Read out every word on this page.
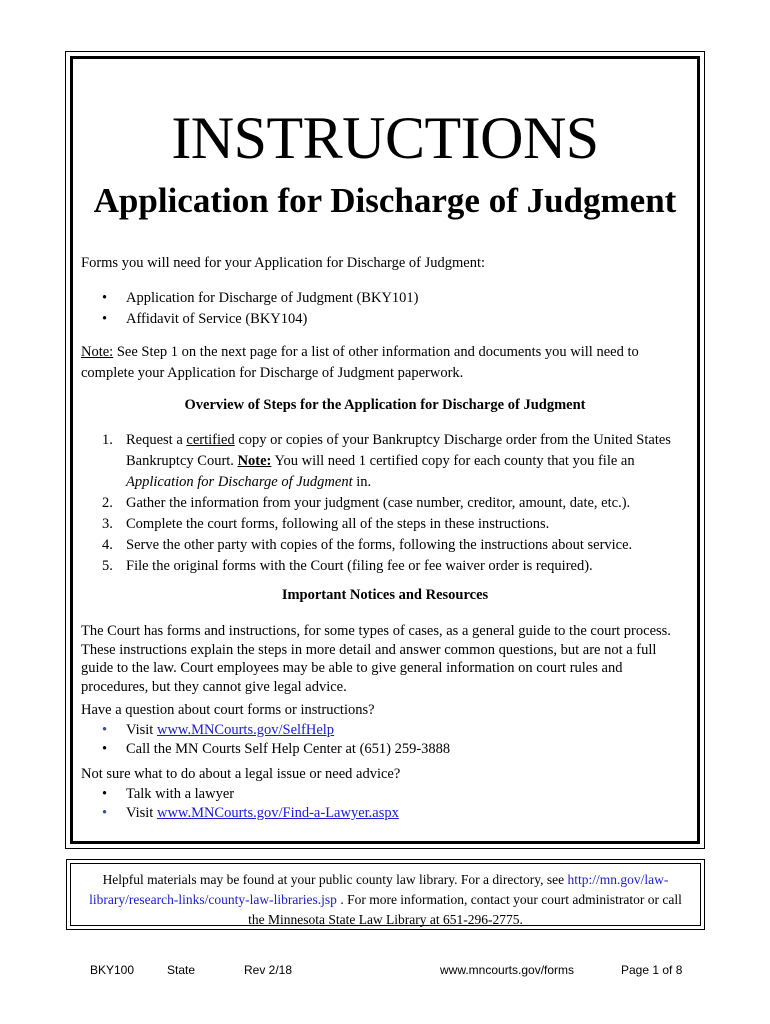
INSTRUCTIONS
Application for Discharge of Judgment
Forms you will need for your Application for Discharge of Judgment:
• Application for Discharge of Judgment (BKY101)
• Affidavit of Service (BKY104)
Note: See Step 1 on the next page for a list of other information and documents you will need to complete your Application for Discharge of Judgment paperwork.
Overview of Steps for the Application for Discharge of Judgment
1. Request a certified copy or copies of your Bankruptcy Discharge order from the United States Bankruptcy Court. Note: You will need 1 certified copy for each county that you file an Application for Discharge of Judgment in.
2. Gather the information from your judgment (case number, creditor, amount, date, etc.).
3. Complete the court forms, following all of the steps in these instructions.
4. Serve the other party with copies of the forms, following the instructions about service.
5. File the original forms with the Court (filing fee or fee waiver order is required).
Important Notices and Resources
The Court has forms and instructions, for some types of cases, as a general guide to the court process. These instructions explain the steps in more detail and answer common questions, but are not a full guide to the law. Court employees may be able to give general information on court rules and procedures, but they cannot give legal advice.
Have a question about court forms or instructions?
• Visit www.MNCourts.gov/SelfHelp
• Call the MN Courts Self Help Center at (651) 259-3888
Not sure what to do about a legal issue or need advice?
• Talk with a lawyer
• Visit www.MNCourts.gov/Find-a-Lawyer.aspx
Helpful materials may be found at your public county law library. For a directory, see http://mn.gov/law-
library/research-links/county-law-libraries.jsp . For more information, contact your court administrator or call
the Minnesota State Law Library at 651-296-2775.
BKY100	State	Rev 2/18	www.mncourts.gov/forms	Page 1 of 8
